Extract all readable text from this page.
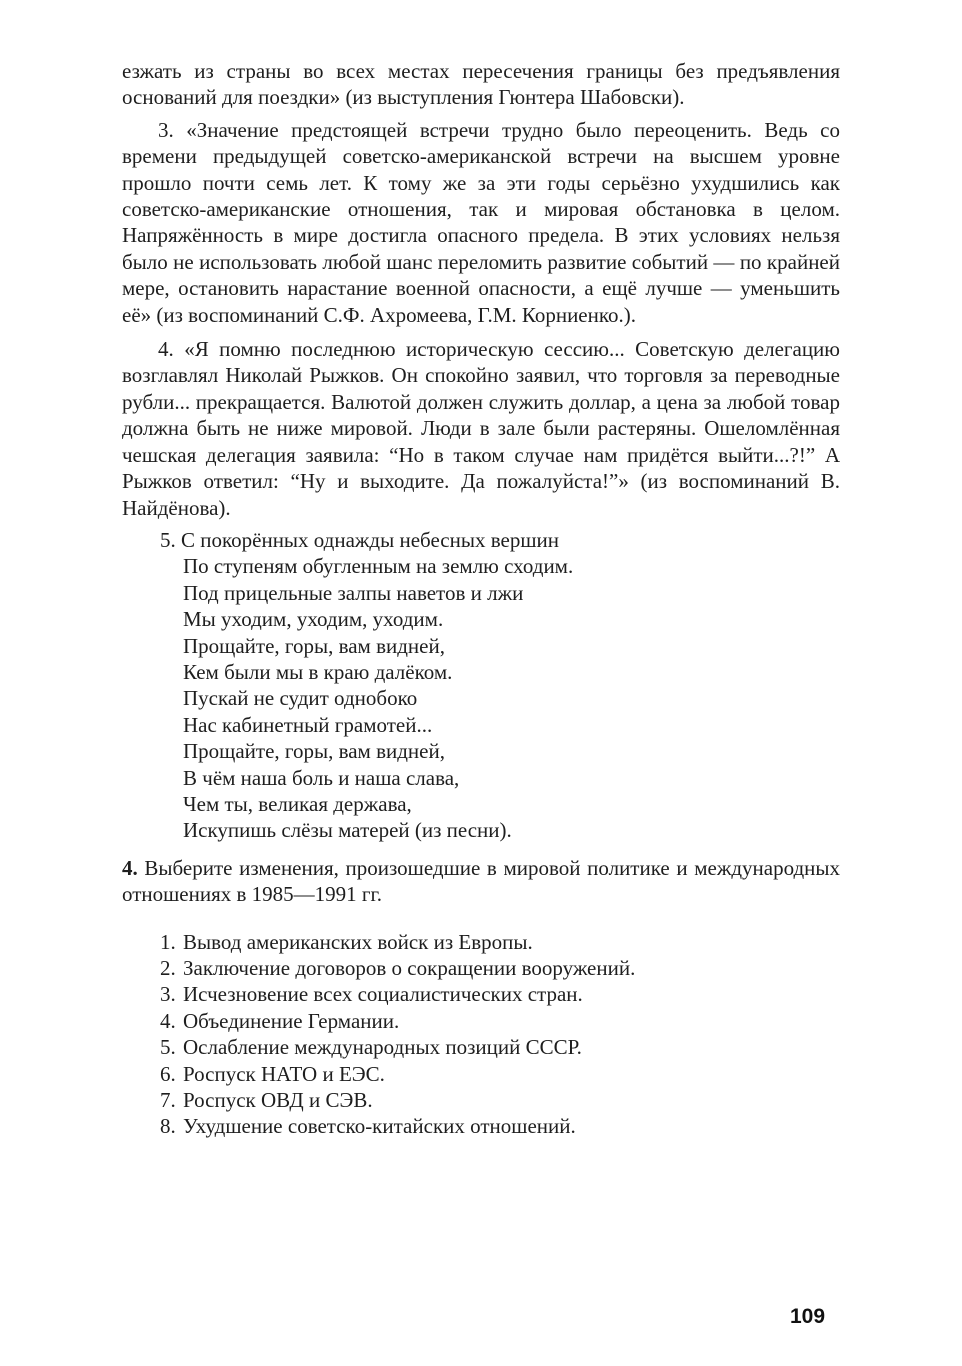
езжать из страны во всех местах пересечения границы без предъявления оснований для поездки» (из выступления Гюнтера Шабовски).

3. «Значение предстоящей встречи трудно было переоценить. Ведь со времени предыдущей советско-американской встречи на высшем уровне прошло почти семь лет. К тому же за эти годы серьёзно ухудшились как советско-американские отношения, так и мировая обстановка в целом. Напряжённость в мире достигла опасного предела. В этих условиях нельзя было не использовать любой шанс переломить развитие событий — по крайней мере, остановить нарастание военной опасности, а ещё лучше — уменьшить её» (из воспоминаний С.Ф. Ахромеева, Г.М. Корниенко.).

4. «Я помню последнюю историческую сессию... Советскую делегацию возглавлял Николай Рыжков. Он спокойно заявил, что торговля за переводные рубли... прекращается. Валютой должен служить доллар, а цена за любой товар должна быть не ниже мировой. Люди в зале были растеряны. Ошеломлённая чешская делегация заявила: “Но в таком случае нам придётся выйти...?!” А Рыжков ответил: “Ну и выходите. Да пожалуйста!”» (из воспоминаний В. Найдёнова).

5. С покорённых однажды небесных вершин
По ступеням обугленным на землю сходим.
Под прицельные залпы наветов и лжи
Мы уходим, уходим, уходим.
Прощайте, горы, вам видней,
Кем были мы в краю далёком.
Пускай не судит однобоко
Нас кабинетный грамотей...
Прощайте, горы, вам видней,
В чём наша боль и наша слава,
Чем ты, великая держава,
Искупишь слёзы матерей (из песни).

4. Выберите изменения, произошедшие в мировой политике и международных отношениях в 1985—1991 гг.

1. Вывод американских войск из Европы.
2. Заключение договоров о сокращении вооружений.
3. Исчезновение всех социалистических стран.
4. Объединение Германии.
5. Ослабление международных позиций СССР.
6. Роспуск НАТО и ЕЭС.
7. Роспуск ОВД и СЭВ.
8. Ухудшение советско-китайских отношений.
109
